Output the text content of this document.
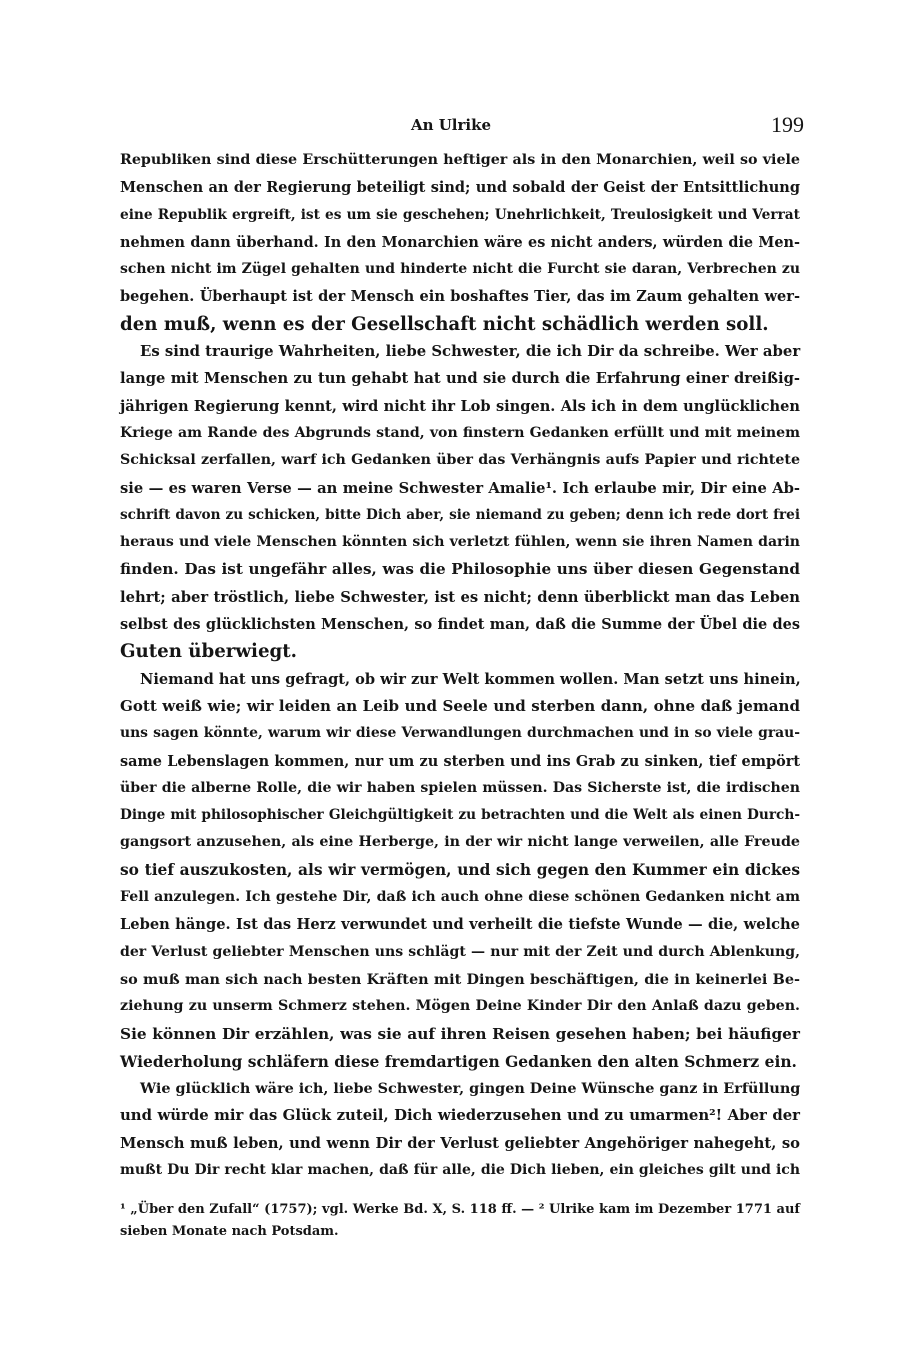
An Ulrike	199

Republiken sind diese Erschütterungen heftiger als in den Monarchien, weil so viele
Menschen an der Regierung beteiligt sind; und sobald der Geist der Entsittlichung
eine Republik ergreift, ist es um sie geschehen; Unehrlichkeit, Treulosigkeit und Verrat
nehmen dann überhand. In den Monarchien wäre es nicht anders, würden die Men-
schen nicht im Zügel gehalten und hinderte nicht die Furcht sie daran, Verbrechen zu
begehen. Überhaupt ist der Mensch ein boshaftes Tier, das im Zaum gehalten wer-
den muß, wenn es der Gesellschaft nicht schädlich werden soll.

Es sind traurige Wahrheiten, liebe Schwester, die ich Dir da schreibe. Wer aber
lange mit Menschen zu tun gehabt hat und sie durch die Erfahrung einer dreißig-
jährigen Regierung kennt, wird nicht ihr Lob singen. Als ich in dem unglücklichen
Kriege am Rande des Abgrunds stand, von finstern Gedanken erfüllt und mit meinem
Schicksal zerfallen, warf ich Gedanken über das Verhängnis aufs Papier und richtete
sie — es waren Verse — an meine Schwester Amalie¹. Ich erlaube mir, Dir eine Ab-
schrift davon zu schicken, bitte Dich aber, sie niemand zu geben; denn ich rede dort frei
heraus und viele Menschen könnten sich verletzt fühlen, wenn sie ihren Namen darin
finden. Das ist ungefähr alles, was die Philosophie uns über diesen Gegenstand
lehrt; aber tröstlich, liebe Schwester, ist es nicht; denn überblickt man das Leben
selbst des glücklichsten Menschen, so findet man, daß die Summe der Übel die des
Guten überwiegt.

Niemand hat uns gefragt, ob wir zur Welt kommen wollen. Man setzt uns hinein,
Gott weiß wie; wir leiden an Leib und Seele und sterben dann, ohne daß jemand
uns sagen könnte, warum wir diese Verwandlungen durchmachen und in so viele grau-
same Lebenslagen kommen, nur um zu sterben und ins Grab zu sinken, tief empört
über die alberne Rolle, die wir haben spielen müssen. Das Sicherste ist, die irdischen
Dinge mit philosophischer Gleichgültigkeit zu betrachten und die Welt als einen Durch-
gangsort anzusehen, als eine Herberge, in der wir nicht lange verweilen, alle Freude
so tief auszukosten, als wir vermögen, und sich gegen den Kummer ein dickes
Fell anzulegen. Ich gestehe Dir, daß ich auch ohne diese schönen Gedanken nicht am
Leben hänge. Ist das Herz verwundet und verheilt die tiefste Wunde — die, welche
der Verlust geliebter Menschen uns schlägt — nur mit der Zeit und durch Ablenkung,
so muß man sich nach besten Kräften mit Dingen beschäftigen, die in keinerlei Be-
ziehung zu unserm Schmerz stehen. Mögen Deine Kinder Dir den Anlaß dazu geben.
Sie können Dir erzählen, was sie auf ihren Reisen gesehen haben; bei häufiger
Wiederholung schläfern diese fremdartigen Gedanken den alten Schmerz ein.

Wie glücklich wäre ich, liebe Schwester, gingen Deine Wünsche ganz in Erfüllung
und würde mir das Glück zuteil, Dich wiederzusehen und zu umarmen²! Aber der
Mensch muß leben, und wenn Dir der Verlust geliebter Angehöriger nahegeht, so
mußt Du Dir recht klar machen, daß für alle, die Dich lieben, ein gleiches gilt und ich

¹ „Über den Zufall“ (1757); vgl. Werke Bd. X, S. 118 ff. — ² Ulrike kam im Dezember 1771 auf
sieben Monate nach Potsdam.
